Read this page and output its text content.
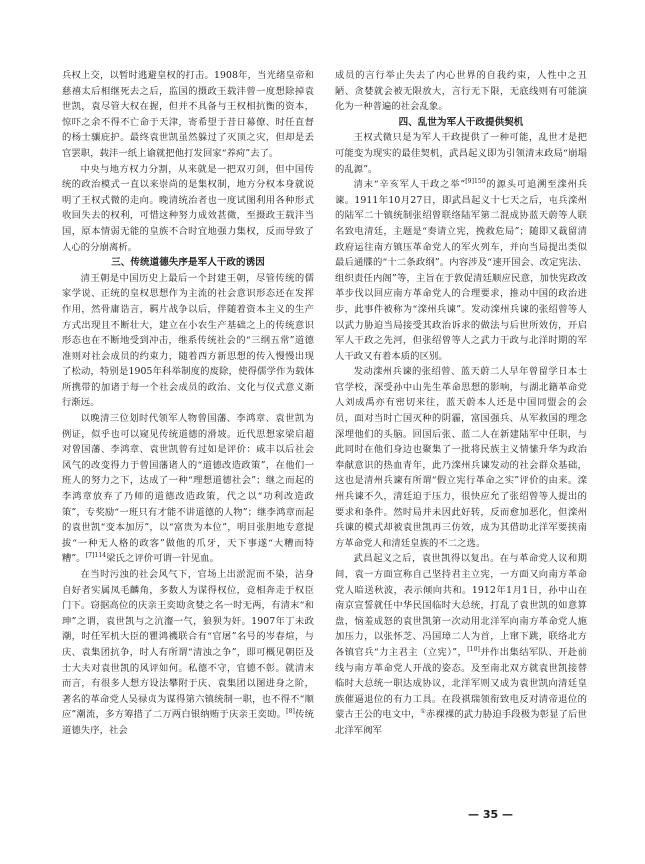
兵权上交，以暂时逃避皇权的打击。1908年，当光绪皇帝和慈禧太后相继死去之后，监国的摄政王载沣曾一度想除掉袁世凯，袁尽管大权在握，但并不具备与王权相抗衡的资本，惊吓之余不得不亡命于天津，寄希望于昔日幕僚、时任直督的杨士骧庇护。最终袁世凯虽然躲过了灭顶之灾，但却是丢官罢职，载沣一纸上谕就把他打发回家“养疴”去了。

中央与地方权力分割，从来就是一把双刃剑，但中国传统的政治模式一直以来崇尚的是集权制，地方分权本身就说明了王权式微的走向。晚清统治者也一度试图利用各种形式收回失去的权利，可惜这种努力成效甚微，至摄政王载沣当国，原本情弱无能的皇族不合时宜地强力集权，反而导致了人心的分崩离析。

三、传统道德失序是军人干政的诱因

清王朝是中国历史上最后一个封建王朝，尽管传统的儒家学说、正统的皇权思想作为主流的社会意识形态还在发挥作用，然骨庸诰言，羁片战争以后，伴随着资本主义的生产方式出现且不断壮大，建立在小农生产基础之上的传统意识形态也在不断地受到冲击，维系传统社会的“三纲五常”道德准则对社会成员的约束力，随着西方新思想的传入慢慢出现了松动，特别是1905年科举制度的废除，使得儒学作为载体所携带的加诸于每一个社会成员的政治、文化与仪式意义渐行渐远。

以晚清三位划时代领军人物曾国藩、李鸿章、袁世凯为例证，似乎也可以窥见传统道德的滑坡。近代思想家梁启超对曾国藩、李鸿章、袁世凯曾有过如是评价：咸丰以后社会风气的改变得力于曾国藩诸人的“道德改造政策”，在他们一班人的努力之下，达成了一种“理想道德社会”；继之而起的李鸿章放弃了乃师的道德改造政策，代之以“功利改造政策”，专奖励“一班只有才能不讲道德的人物”；继李鸿章而起的袁世凯“变本加厉”，以“富贵为本位”，明目张胆地专意提拔“一种无人格的政客”做他的爪牙，天下事遂“大糟而特糟”。$^{[7]114}$梁氏之评价可谓一针见血。

在当时污浊的社会风气下，官场上出淤泥而不染，洁身自好者实属凤毛麟角，多数人为谋得权位，竞相奔走于权臣门下。窃据高位的庆亲王奕劻贪婪之名一时无两，有清末“和珅”之谓，袁世凯与之沆瀣一气，狼狈为奸。1907年丁未政潮，时任军机大臣的瞿鸿禨联合有“官屠”名号的岑春煊，与庆、袁集团抗争，时人有所谓“清浊之争”，即可概见朝臣及士大夫对袁世凯的风评如何。私德不守，官德不彰。就清末而言，有很多人想方设法攀附于庆、袁集团以图进身之阶，著名的革命党人吴禄贞为谋得第六镇统制一职，也不得不“顺应”潮流，多方筹措了二万两白银纳贿于庆亲王奕劻。[8]传统道德失序，社会

成员的言行举止失去了内心世界的自我约束，人性中之丑陋、贪婪就会被无限放大，言行无下限，无底线则有可能演化为一种普遍的社会乱象。

四、乱世为军人干政提供契机

王权式微只是为军人干政提供了一种可能，乱世才是把可能变为现实的最佳契机，武昌起义即为引领清末政局“崩塌的乱源”。

清末“辛亥军人干政之举”$^{[9]150}$的源头可追溯至滦州兵谏。1911年10月27日，即武昌起义十七天之后，屯兵滦州的陆军二十镇统制张绍曾联络陆军第二混成协蓝天蔚等人联名致电清廷，主题是“奏请立宪，挽救危局”；随即又裁留清政府运往南方镇压革命党人的军火列车，并向当局提出类似最后通牒的“十二条政纲”。内容涉及“速开国会、改定宪法、组织责任内阁”等，主旨在于敦促清廷顺应民意，加快宪政改革步伐以回应南方革命党人的合理要求，推动中国的政治进步，此事件被称为“滦州兵谏”。发动滦州兵谏的张绍曾等人以武力胁迫当局接受其政治诉求的做法与后世所效仿，开启军人干政之先河，但张绍曾等人之武力干政与北洋时期的军人干政又有着本质的区别。

发动滦州兵谏的张绍曾、蓝天蔚二人早年曾留学日本士官学校，深受孙中山先生革命思想的影响，与湖北籍革命党人刘成禹亦有密切来往，蓝天蔚本人还是中国同盟会的会员，面对当时亡国灭种的阴霾，富国强兵、从军救国的理念深埋他们的头脑。回国后张、蓝二人在新建陆军中任职，与此同时在他们身边也聚集了一批将民族主义情愫升华为政治奉献意识的热血青年，此乃滦州兵谏发动的社会群众基础，这也是清州兵谏有所谓“假立宪行革命之实”评价的由来。滦州兵谏不久，清廷迫于压力，很快应允了张绍曾等人提出的要求和条件。然时局并未因此好转，反而愈加恶化，但滦州兵谏的模式却被袁世凯再三仿效，成为其借助北洋军要挟南方革命党人和清廷皇族的不二之选。

武昌起义之后，袁世凯得以复出。在与革命党人议和期间，袁一方面宣称自己坚持君主立宪，一方面又向南方革命党人暗送秋波，表示倾向共和。1912年1月1日，孙中山在南京宣誓就任中华民国临时大总统，打乱了袁世凯的如意算盘，恼羞成怒的袁世凯第一次动用北洋军向南方革命党人施加压力，以张怀芝、冯国璋二人为首，上窜下跳，联络北方各镇官兵“力主君主（立宪）”，[10]并作出集结军队、开赴前线与南方革命党人开战的姿态。及至南北双方就袁世凯接替临时大总统一职达成协议，北洋军则又成为袁世凯向清廷皇族催逼退位的有力工具。在段祺瑞领衔致电反对清帝退位的蒙古王公的电文中，①赤裸裸的武力胁迫手段极为彰显了后世北洋军阀军

— 35 —
